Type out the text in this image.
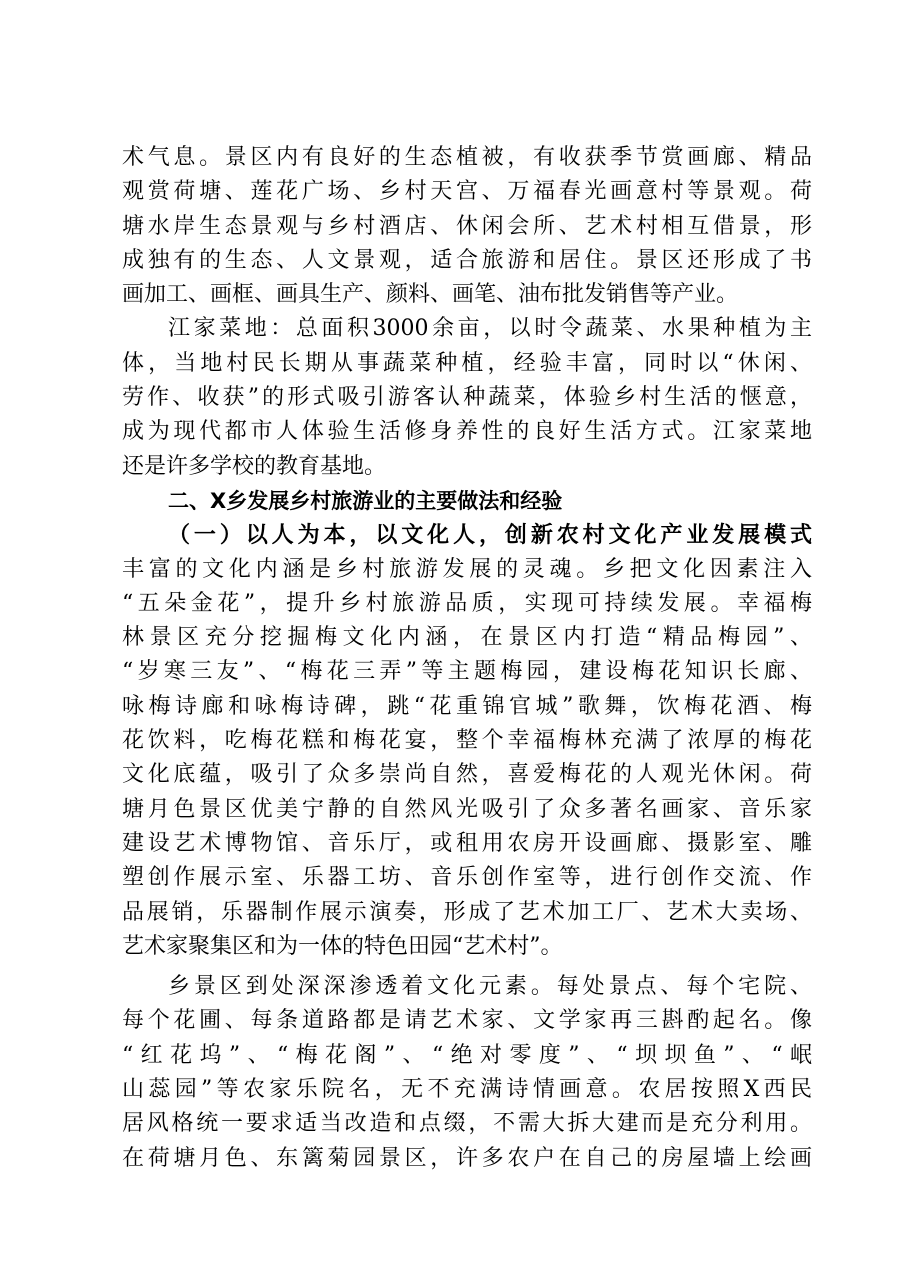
术气息。景区内有良好的生态植被，有收获季节赏画廊、精品
观赏荷塘、莲花广场、乡村天宫、万福春光画意村等景观。荷
塘水岸生态景观与乡村酒店、休闲会所、艺术村相互借景，形
成独有的生态、人文景观，适合旅游和居住。景区还形成了书
画加工、画框、画具生产、颜料、画笔、油布批发销售等产业。
江家菜地：总面积3000余亩，以时令蔬菜、水果种植为主
体，当地村民长期从事蔬菜种植，经验丰富，同时以“休闲、
劳作、收获”的形式吸引游客认种蔬菜，体验乡村生活的惬意，
成为现代都市人体验生活修身养性的良好生活方式。江家菜地
还是许多学校的教育基地。
二、X乡发展乡村旅游业的主要做法和经验
（一）以人为本，以文化人，创新农村文化产业发展模式
丰富的文化内涵是乡村旅游发展的灵魂。乡把文化因素注入
“五朵金花”，提升乡村旅游品质，实现可持续发展。幸福梅
林景区充分挖掘梅文化内涵，在景区内打造“精品梅园”、
“岁寒三友”、“梅花三弄”等主题梅园，建设梅花知识长廊、
咏梅诗廊和咏梅诗碑，跳“花重锦官城”歌舞，饮梅花酒、梅
花饮料，吃梅花糕和梅花宴，整个幸福梅林充满了浓厚的梅花
文化底蕴，吸引了众多崇尚自然，喜爱梅花的人观光休闲。荷
塘月色景区优美宁静的自然风光吸引了众多著名画家、音乐家
建设艺术博物馆、音乐厅，或租用农房开设画廊、摄影室、雕
塑创作展示室、乐器工坊、音乐创作室等，进行创作交流、作
品展销，乐器制作展示演奏，形成了艺术加工厂、艺术大卖场、
艺术家聚集区和为一体的特色田园“艺术村”。
乡景区到处深深渗透着文化元素。每处景点、每个宅院、
每个花圃、每条道路都是请艺术家、文学家再三斟酌起名。像
“红花坞”、“梅花阁”、“绝对零度”、“坝坝鱼”、“岷
山蕊园”等农家乐院名，无不充满诗情画意。农居按照X西民
居风格统一要求适当改造和点缀，不需大拆大建而是充分利用。
在荷塘月色、东篱菊园景区，许多农户在自己的房屋墙上绘画
